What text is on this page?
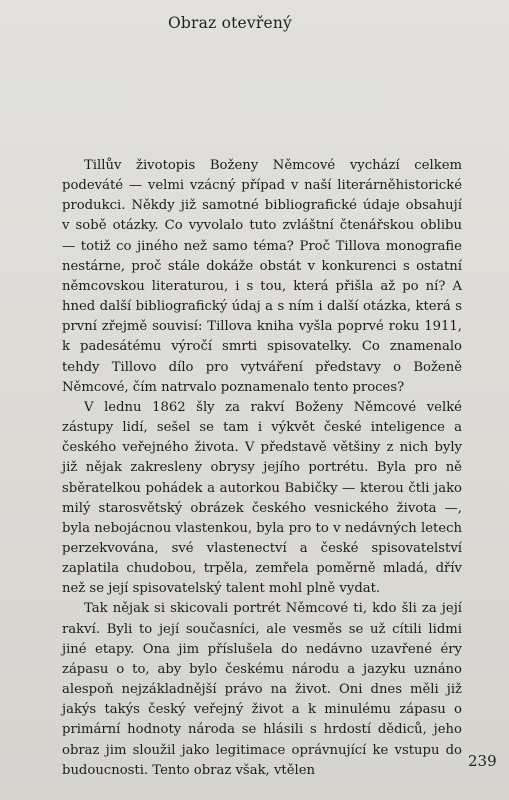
Obraz otevřený

Tillův životopis Boženy Němcové vychází celkem podeváté — velmi vzácný případ v naší literárněhistorické produkci. Někdy již samotné bibliografické údaje obsahují v sobě otázky. Co vyvolalo tuto zvláštní čtenářskou oblibu — totiž co jiného než samo téma? Proč Tillova monografie nestárne, proč stále dokáže obstát v konkurenci s ostatní němcovskou literaturou, i s tou, která přišla až po ní? A hned další bibliografický údaj a s ním i další otázka, která s první zřejmě souvisí: Tillova kniha vyšla poprvé roku 1911, k padesátému výročí smrti spisovatelky. Co znamenalo tehdy Tillovo dílo pro vytváření představy o Boženě Němcové, čím natrvalo poznamenalo tento proces?

V lednu 1862 šly za rakví Boženy Němcové velké zástupy lidí, sešel se tam i výkvět české inteligence a českého veřejného života. V představě většiny z nich byly již nějak zakresleny obrysy jejího portrétu. Byla pro ně sběratelkou pohádek a autorkou Babičky — kterou čtli jako milý starosvětský obrázek českého vesnického života —, byla nebojácnou vlastenkou, byla pro to v nedávných letech perzekvována, své vlastenectví a české spisovatelství zaplatila chudobou, trpěla, zemřela poměrně mladá, dřív než se její spisovatelský talent mohl plně vydat.

Tak nějak si skicovali portrét Němcové ti, kdo šli za její rakví. Byli to její současníci, ale vesměs se už cítili lidmi jiné etapy. Ona jim příslušela do nedávno uzavřené éry zápasu o to, aby bylo českému národu a jazyku uznáno alespoň nejzákladnější právo na život. Oni dnes měli již jakýs takýs český veřejný život a k minulému zápasu o primární hodnoty národa se hlásili s hrdostí dědiců, jeho obraz jim sloužil jako legitimace oprávnující ke vstupu do budoucnosti. Tento obraz však, vtělen

239
